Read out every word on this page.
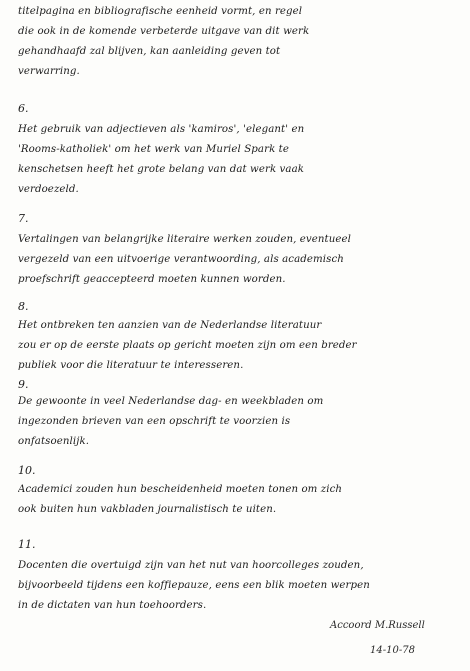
titelpagina en bibliografische eenheid vormt, en regel
die ook in de komende verbeterde uitgave van dit werk
gehandhaafd zal blijven, kan aanleiding geven tot
verwarring.
6.
Het gebruik van adjectieven als 'kamiros', 'elegant' en
'Rooms-katholiek' om het werk van Muriel Spark te
kenschetsen heeft het grote belang van dat werk vaak
verdoezeld.
7.
Vertalingen van belangrijke literaire werken zouden, eventueel
vergezeld van een uitvoerige verantwoording, als academisch
proefschrift geaccepteerd moeten kunnen worden.
8.
Het ontbreken ten aanzien van de Nederlandse literatuur
zou er op de eerste plaats op gericht moeten zijn om een breder
publiek voor die literatuur te interesseren.
9.
De gewoonte in veel Nederlandse dag- en weekbladen om
ingezonden brieven van een opschrift te voorzien is
onfatsoenlijk.
10.
Academici zouden hun bescheidenheid moeten tonen om zich
ook buiten hun vakbladen journalistisch te uiten.
11.
Docenten die overtuigd zijn van het nut van hoorcolleges zouden,
bijvoorbeeld tijdens een koffiepauze, eens een blik moeten werpen
in de dictaten van hun toehoorders.
Accoord M.Russell
14-10-78
